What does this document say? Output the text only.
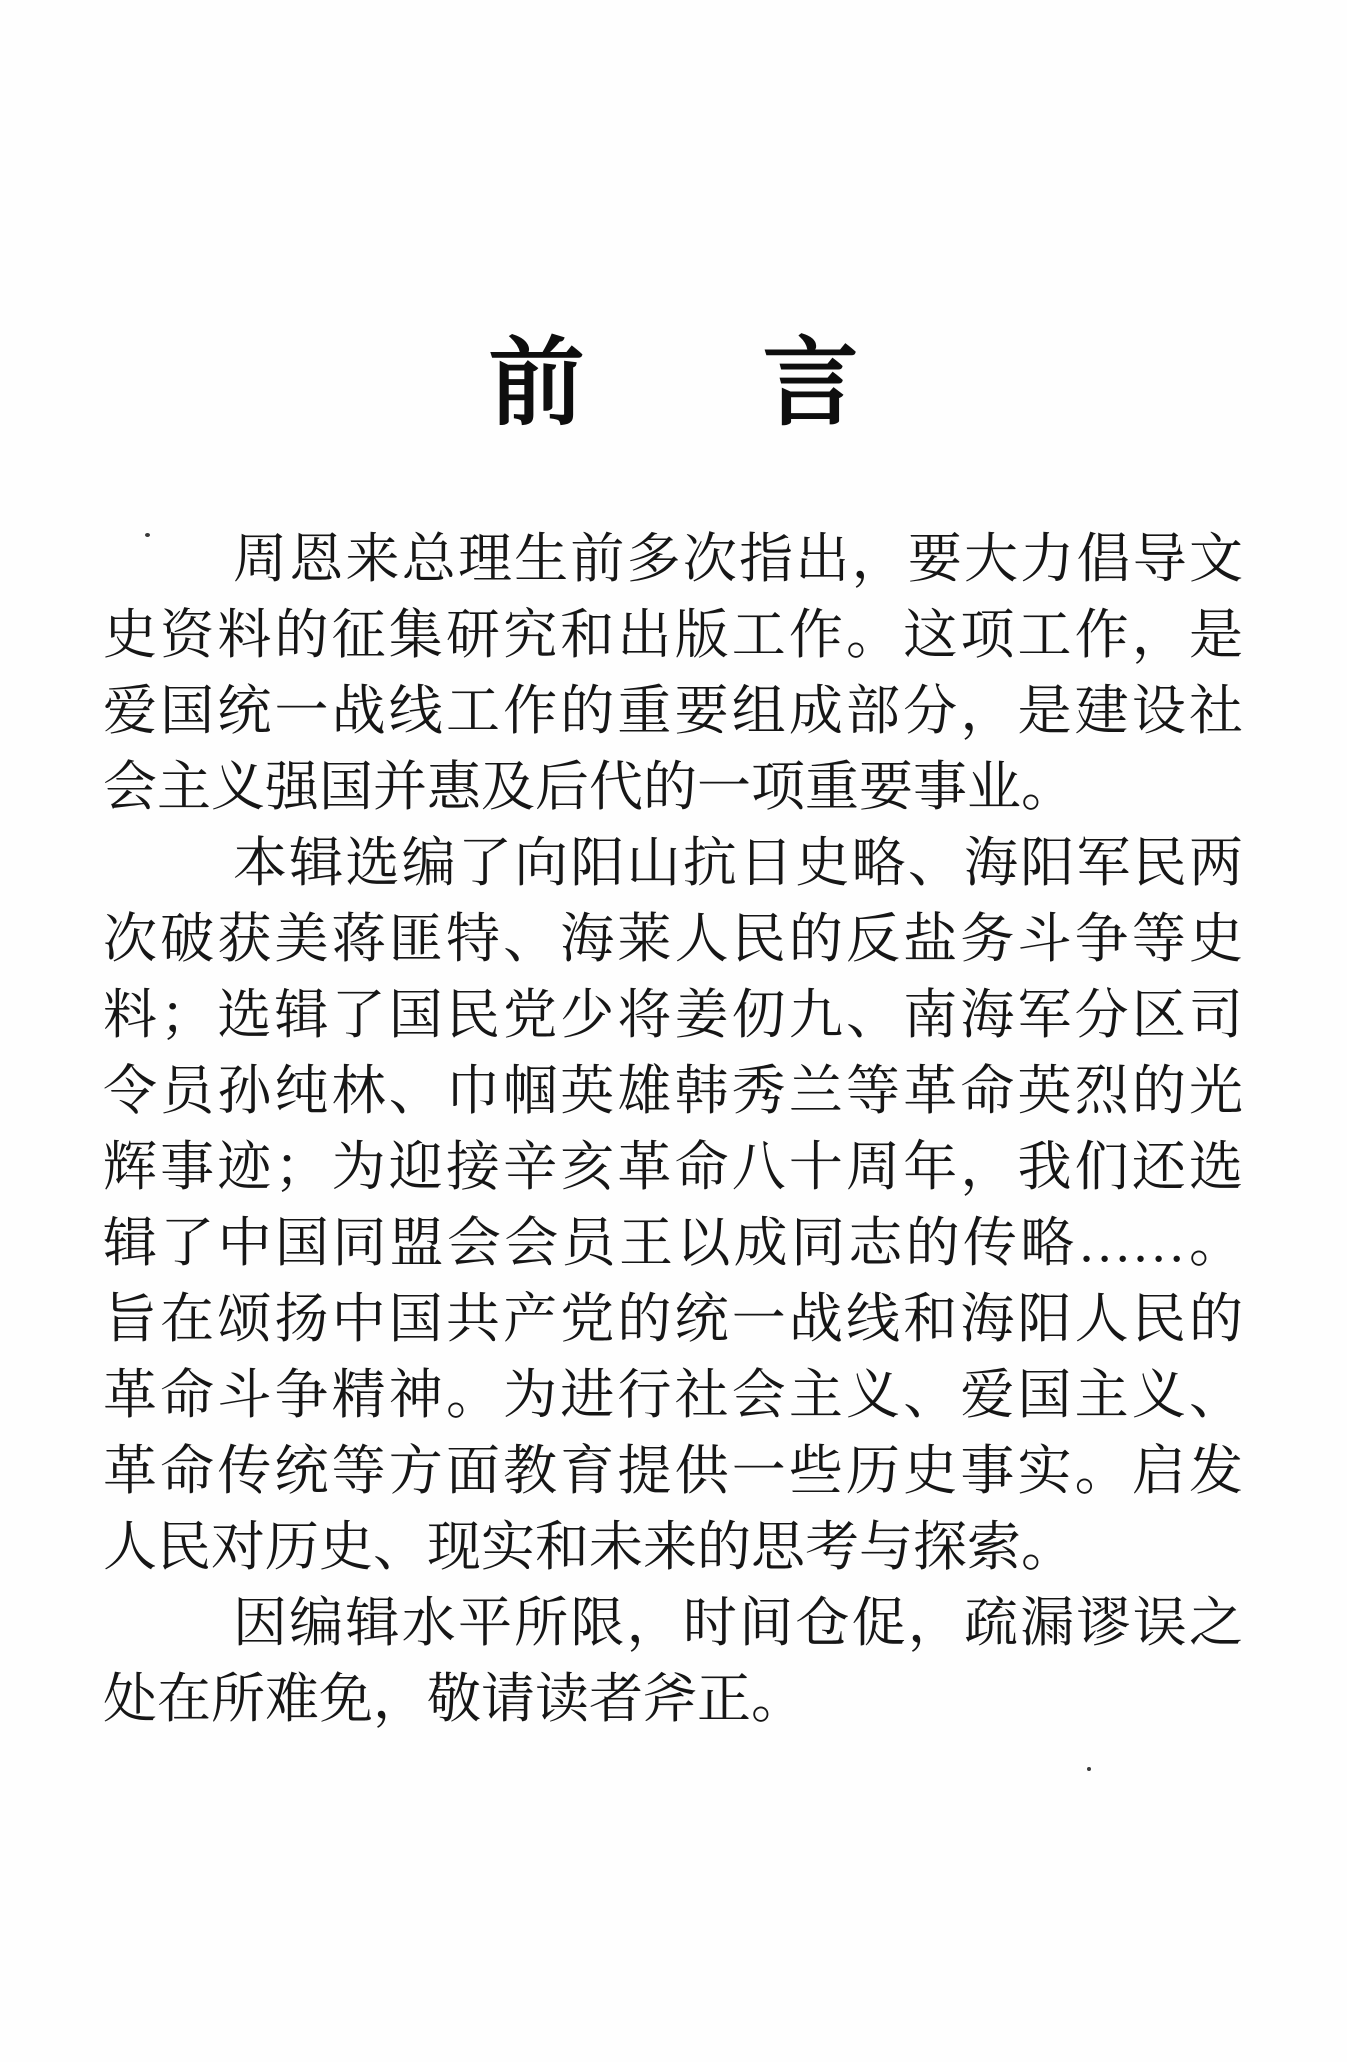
前 言
周恩来总理生前多次指出，要大力倡导文
史资料的征集研究和出版工作。这项工作，是
爱国统一战线工作的重要组成部分，是建设社
会主义强国并惠及后代的一项重要事业。
本辑选编了向阳山抗日史略、海阳军民两
次破获美蒋匪特、海莱人民的反盐务斗争等史
料；选辑了国民党少将姜仞九、南海军分区司
令员孙纯林、巾帼英雄韩秀兰等革命英烈的光
辉事迹；为迎接辛亥革命八十周年，我们还选
辑了中国同盟会会员王以成同志的传略……。
旨在颂扬中国共产党的统一战线和海阳人民的
革命斗争精神。为进行社会主义、爱国主义、
革命传统等方面教育提供一些历史事实。启发
人民对历史、现实和未来的思考与探索。
因编辑水平所限，时间仓促，疏漏谬误之
处在所难免，敬请读者斧正。
